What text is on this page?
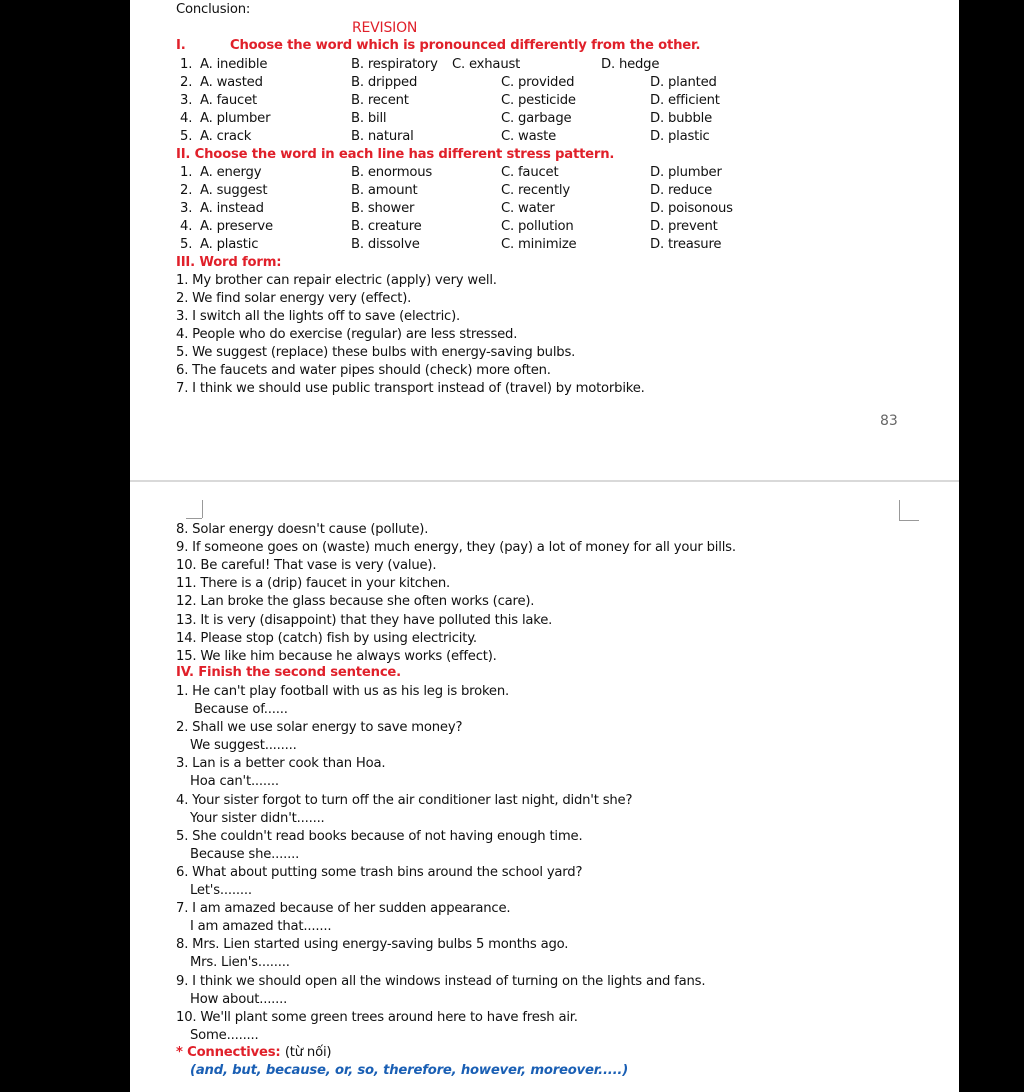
Conclusion:
REVISION
I.	Choose the word which is pronounced differently from the other.
1. A. inedible	B. respiratory C. exhaust	D. hedge
2. A. wasted	B. dripped	C. provided	D. planted
3. A. faucet	B. recent	C. pesticide	D. efficient
4. A. plumber	B. bill	C. garbage	D. bubble
5. A. crack	B. natural	C. waste	D. plastic
II. Choose the word in each line has different stress pattern.
1. A. energy	B. enormous	C. faucet	D. plumber
2. A. suggest	B. amount	C. recently	D. reduce
3. A. instead	B. shower	C. water	D. poisonous
4. A. preserve	B. creature	C. pollution	D. prevent
5. A. plastic	B. dissolve	C. minimize	D. treasure
III. Word form:
1. My brother can repair electric (apply) very well.
2. We find solar energy very (effect).
3. I switch all the lights off to save (electric).
4. People who do exercise (regular) are less stressed.
5. We suggest (replace) these bulbs with energy-saving bulbs.
6. The faucets and water pipes should (check) more often.
7. I think we should use public transport instead of (travel) by motorbike.
83
8. Solar energy doesn't cause (pollute).
9. If someone goes on (waste) much energy, they (pay) a lot of money for all your bills.
10. Be careful! That vase is very (value).
11. There is a (drip) faucet in your kitchen.
12. Lan broke the glass because she often works (care).
13. It is very (disappoint) that they have polluted this lake.
14. Please stop (catch) fish by using electricity.
15. We like him because he always works (effect).
IV. Finish the second sentence.
1. He can't play football with us as his leg is broken.
Because of......
2. Shall we use solar energy to save money?
We suggest........
3. Lan is a better cook than Hoa.
Hoa can't.......
4. Your sister forgot to turn off the air conditioner last night, didn't she?
Your sister didn't.......
5. She couldn't read books because of not having enough time.
Because she.......
6. What about putting some trash bins around the school yard?
Let's........
7. I am amazed because of her sudden appearance.
I am amazed that.......
8. Mrs. Lien started using energy-saving bulbs 5 months ago.
Mrs. Lien's........
9. I think we should open all the windows instead of turning on the lights and fans.
How about.......
10. We'll plant some green trees around here to have fresh air.
Some........
* Connectives: (từ nối)
(and, but, because, or, so, therefore, however, moreover.....)
